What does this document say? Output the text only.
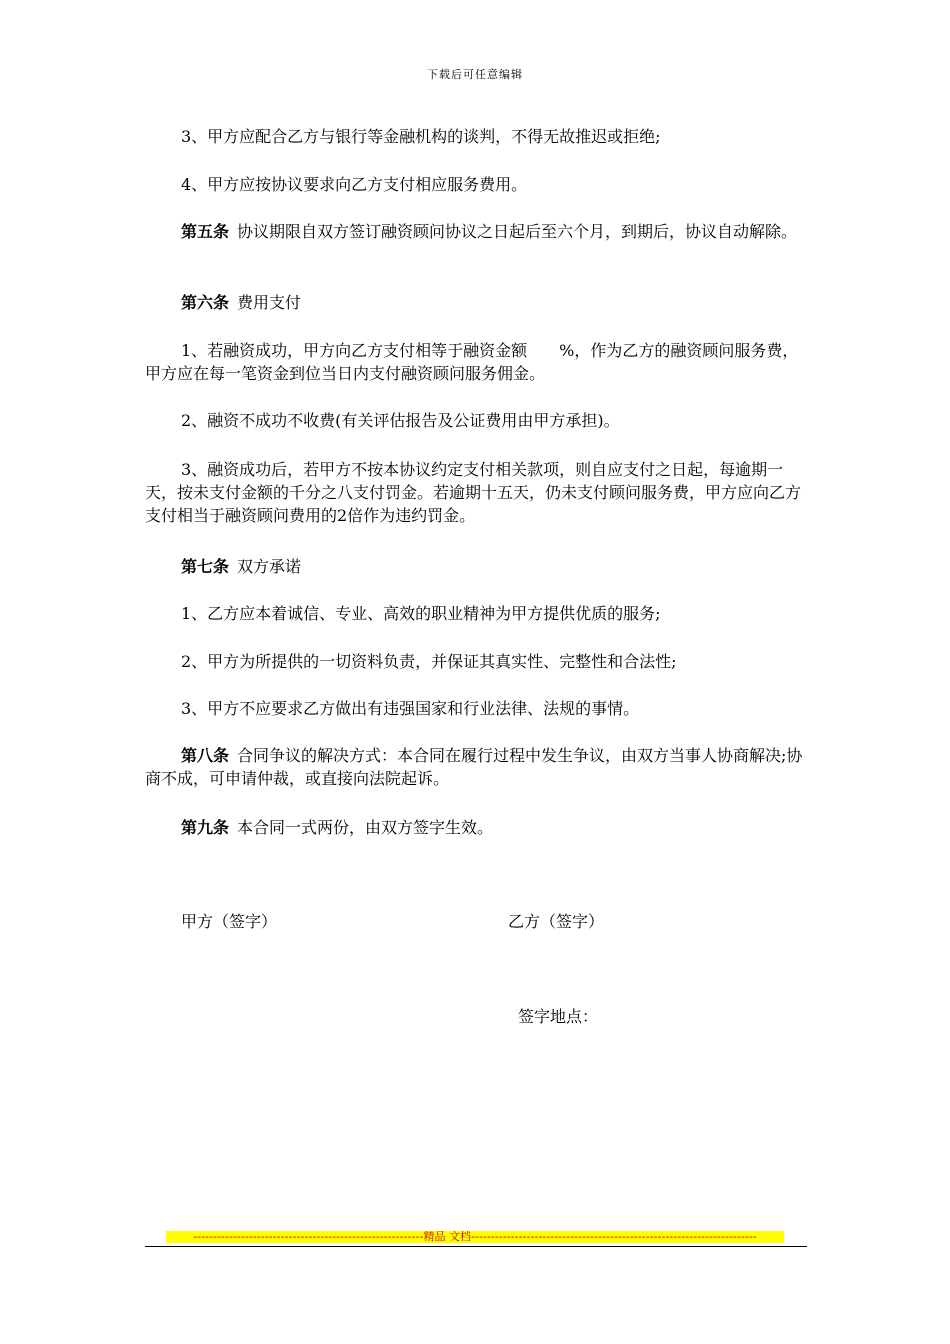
下载后可任意编辑

3、甲方应配合乙方与银行等金融机构的谈判，不得无故推迟或拒绝;

4、甲方应按协议要求向乙方支付相应服务费用。

第五条 协议期限自双方签订融资顾问协议之日起后至六个月，到期后，协议自动解除。

第六条 费用支付

1、若融资成功，甲方向乙方支付相等于融资金额　　%，作为乙方的融资顾问服务费，甲方应在每一笔资金到位当日内支付融资顾问服务佣金。

2、融资不成功不收费(有关评估报告及公证费用由甲方承担)。

3、融资成功后，若甲方不按本协议约定支付相关款项，则自应支付之日起，每逾期一天，按未支付金额的千分之八支付罚金。若逾期十五天，仍未支付顾问服务费，甲方应向乙方支付相当于融资顾问费用的2倍作为违约罚金。

第七条 双方承诺

1、乙方应本着诚信、专业、高效的职业精神为甲方提供优质的服务;

2、甲方为所提供的一切资料负责，并保证其真实性、完整性和合法性;

3、甲方不应要求乙方做出有违强国家和行业法律、法规的事情。

第八条 合同争议的解决方式：本合同在履行过程中发生争议，由双方当事人协商解决;协商不成，可申请仲裁，或直接向法院起诉。

第九条 本合同一式两份，由双方签字生效。

甲方（签字）	乙方（签字）
签字地点：
----------------------------------------------------------精品 文档------------------------------------------------------------------------
